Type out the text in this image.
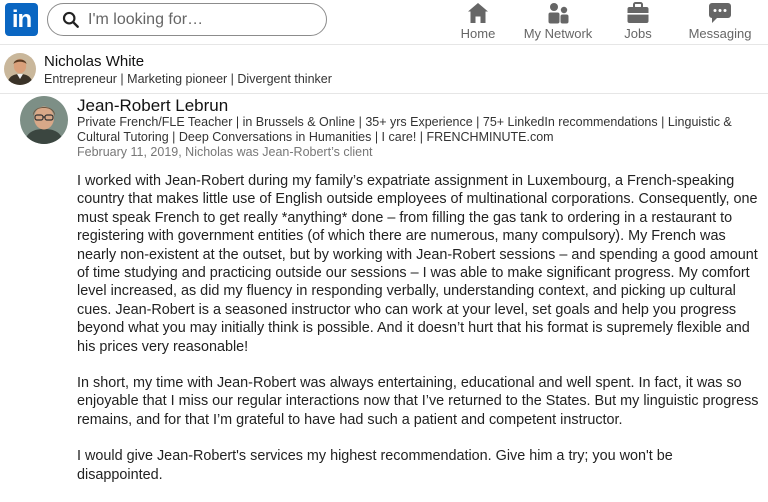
in
I'm looking for…
Home	My Network	Jobs	Messaging
Nicholas White
Entrepreneur | Marketing pioneer | Divergent thinker
Jean-Robert Lebrun
Private French/FLE Teacher | in Brussels & Online | 35+ yrs Experience | 75+ LinkedIn recommendations | Linguistic & Cultural Tutoring | Deep Conversations in Humanities | I care! | FRENCHMINUTE.com
February 11, 2019, Nicholas was Jean-Robert’s client

I worked with Jean-Robert during my family’s expatriate assignment in Luxembourg, a French-speaking country that makes little use of English outside employees of multinational corporations. Consequently, one must speak French to get really *anything* done – from filling the gas tank to ordering in a restaurant to registering with government entities (of which there are numerous, many compulsory). My French was nearly non-existent at the outset, but by working with Jean-Robert sessions – and spending a good amount of time studying and practicing outside our sessions – I was able to make significant progress. My comfort level increased, as did my fluency in responding verbally, understanding context, and picking up cultural cues. Jean-Robert is a seasoned instructor who can work at your level, set goals and help you progress beyond what you may initially think is possible. And it doesn’t hurt that his format is supremely flexible and his prices very reasonable!

In short, my time with Jean-Robert was always entertaining, educational and well spent. In fact, it was so enjoyable that I miss our regular interactions now that I’ve returned to the States. But my linguistic progress remains, and for that I’m grateful to have had such a patient and competent instructor.

I would give Jean-Robert's services my highest recommendation. Give him a try; you won't be disappointed.
